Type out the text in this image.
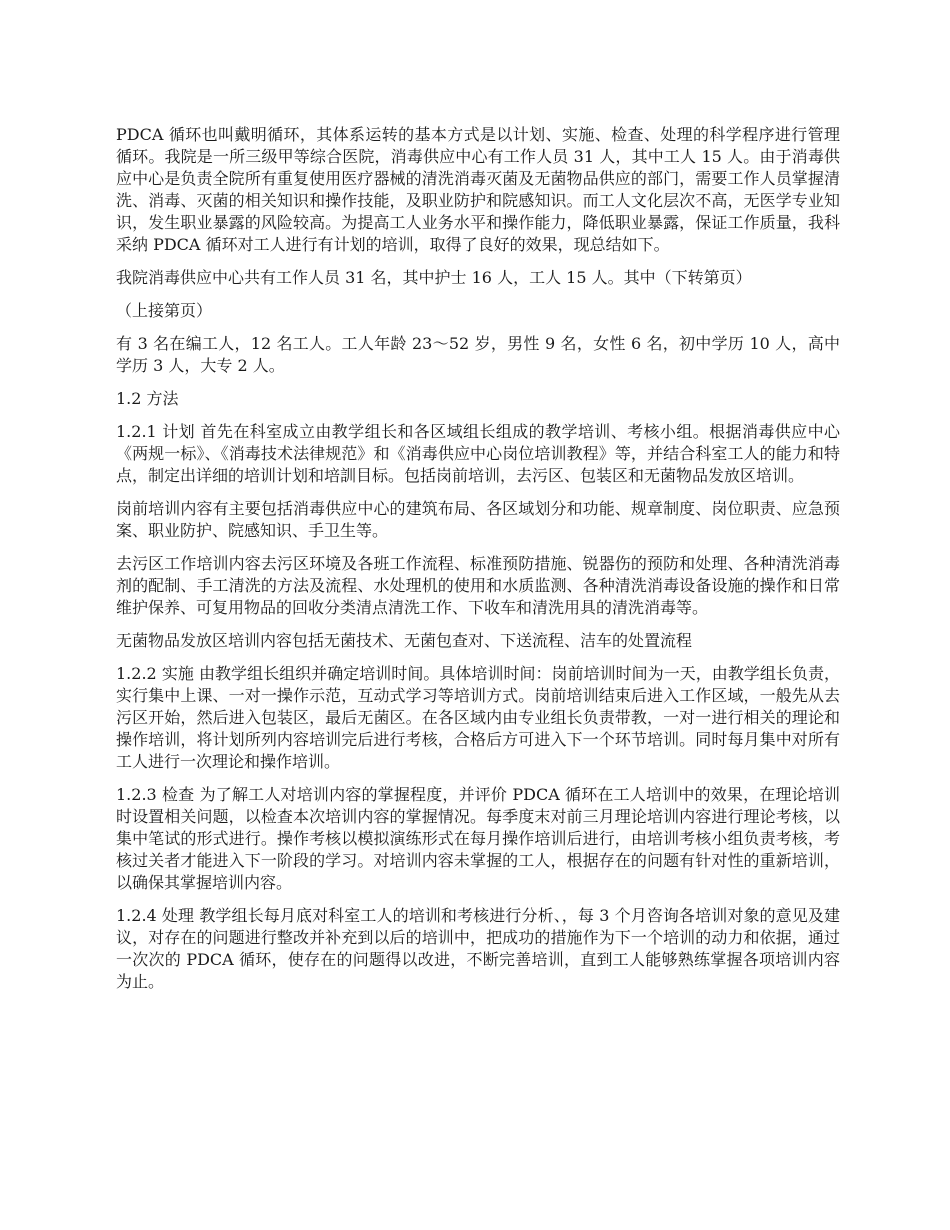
PDCA 循环也叫戴明循环，其体系运转的基本方式是以计划、实施、检查、处理的科学程序进行管理循环。我院是一所三级甲等综合医院，消毒供应中心有工作人员 31 人，其中工人 15 人。由于消毒供应中心是负责全院所有重复使用医疗器械的清洗消毒灭菌及无菌物品供应的部门，需要工作人员掌握清洗、消毒、灭菌的相关知识和操作技能，及职业防护和院感知识。而工人文化层次不高，无医学专业知识，发生职业暴露的风险较高。为提高工人业务水平和操作能力，降低职业暴露，保证工作质量，我科采纳 PDCA 循环对工人进行有计划的培训，取得了良好的效果，现总结如下。

我院消毒供应中心共有工作人员 31 名，其中护士 16 人，工人 15 人。其中（下转第页）

（上接第页）

有 3 名在编工人，12 名工人。工人年龄 23～52 岁，男性 9 名，女性 6 名，初中学历 10 人，高中学历 3 人，大专 2 人。

1.2 方法

1.2.1 计划 首先在科室成立由教学组长和各区域组长组成的教学培训、考核小组。根据消毒供应中心《两规一标》、《消毒技术法律规范》和《消毒供应中心岗位培训教程》等，并结合科室工人的能力和特点，制定出详细的培训计划和培訓目标。包括岗前培训，去污区、包装区和无菌物品发放区培训。

岗前培训内容有主要包括消毒供应中心的建筑布局、各区域划分和功能、规章制度、岗位职责、应急预案、职业防护、院感知识、手卫生等。

去污区工作培训内容去污区环境及各班工作流程、标准预防措施、锐器伤的预防和处理、各种清洗消毒剂的配制、手工清洗的方法及流程、水处理机的使用和水质监测、各种清洗消毒设备设施的操作和日常维护保养、可复用物品的回收分类清点清洗工作、下收车和清洗用具的清洗消毒等。

无菌物品发放区培训内容包括无菌技术、无菌包查对、下送流程、洁车的处置流程

1.2.2 实施 由教学组长组织并确定培训时间。具体培训时间：岗前培训时间为一天，由教学组长负责，实行集中上课、一对一操作示范，互动式学习等培训方式。岗前培训结束后进入工作区域，一般先从去污区开始，然后进入包装区，最后无菌区。在各区域内由专业组长负责带教，一对一进行相关的理论和操作培训，将计划所列内容培训完后进行考核，合格后方可进入下一个环节培训。同时每月集中对所有工人进行一次理论和操作培训。

1.2.3 检查 为了解工人对培训内容的掌握程度，并评价 PDCA 循环在工人培训中的效果，在理论培训时设置相关问题，以检查本次培训内容的掌握情况。每季度末对前三月理论培训内容进行理论考核，以集中笔试的形式进行。操作考核以模拟演练形式在每月操作培训后进行，由培训考核小组负责考核，考核过关者才能进入下一阶段的学习。对培训内容未掌握的工人，根据存在的问题有针对性的重新培训，以确保其掌握培训内容。

1.2.4 处理 教学组长每月底对科室工人的培训和考核进行分析、，每 3 个月咨询各培训对象的意见及建议，对存在的问题进行整改并补充到以后的培训中，把成功的措施作为下一个培训的动力和依据，通过一次次的 PDCA 循环，使存在的问题得以改进，不断完善培训，直到工人能够熟练掌握各项培训内容为止。
